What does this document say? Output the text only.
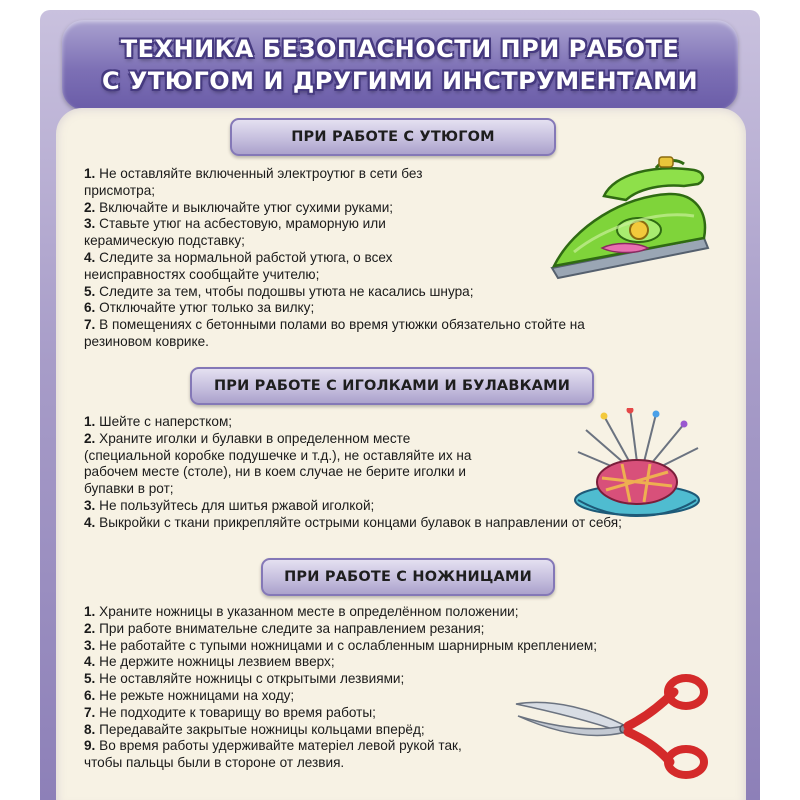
ТЕХНИКА БЕЗОПАСНОСТИ ПРИ РАБОТЕ
С УТЮГОМ И ДРУГИМИ ИНСТРУМЕНТАМИ
ПРИ РАБОТЕ С УТЮГОМ
1. Не оставляйте включенный электроутюг в сети без
присмотра;
2. Включайте и выключайте утюг сухими руками;
3. Ставьте утюг на асбестовую, мраморную или
керамическую подставку;
4. Следите за нормальной рабстой утюга, о всех
неисправностях сообщайте учителю;
5. Следите за тем, чтобы подошвы утюта не касались шнура;
6. Отключайте утюг только за вилку;
7. В помещениях с бетонными полами во время утюжки обязательно стойте на
резиновом коврике.
ПРИ РАБОТЕ С ИГОЛКАМИ И БУЛАВКАМИ
1. Шейте с наперстком;
2. Храните иголки и булавки в определенном месте
(специальной коробке подушечке и т.д.), не оставляйте их на
рабочем месте (столе), ни в коем случае не берите иголки и
бупавки в рот;
3. Не пользуйтесь для шитья ржавой иголкой;
4. Выкройки с ткани прикрепляйте острыми концами булавок в направлении от себя;
ПРИ РАБОТЕ С НОЖНИЦАМИ
1. Храните ножницы в указанном месте в определённом положении;
2. При работе внимательне следите за направлением резания;
3. Не работайте с тупыми ножницами и с ослабленным шарнирным креплением;
4. Не держите ножницы лезвием вверх;
5. Не оставляйте ножницы с открытыми лезвиями;
6. Не режьте ножницами на ходу;
7. Не подходите к товарищу во время работы;
8. Передавайте закрытые ножницы кольцами вперёд;
9. Во время работы удерживайте матерiел левой рукой так,
чтобы пальцы были в стороне от лезвия.
